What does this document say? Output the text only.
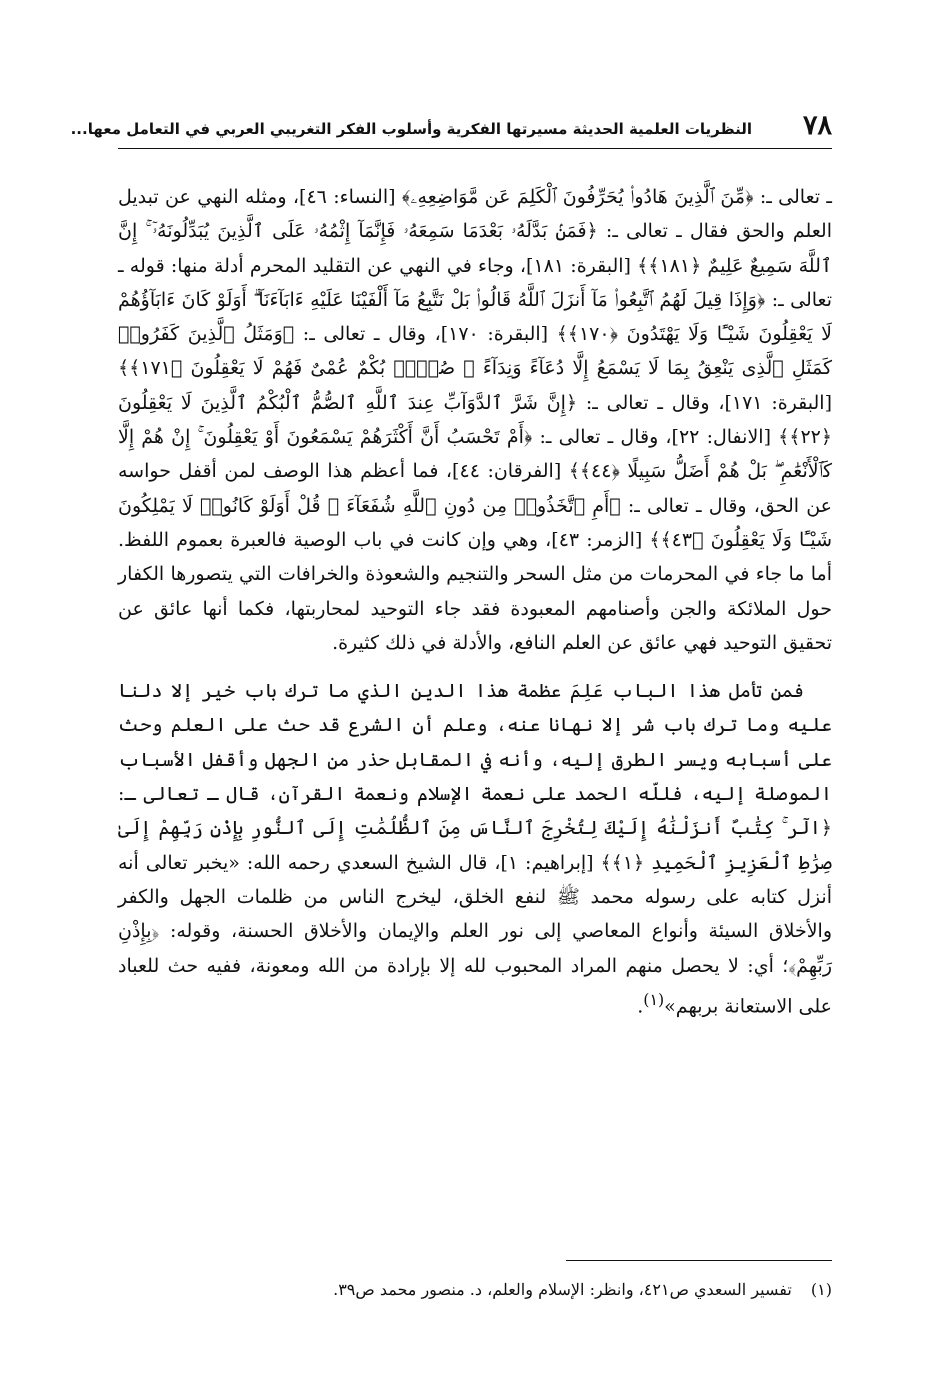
٧٨
النظريات العلمية الحديثة مسيرتها الفكرية وأسلوب الفكر التغريبي العربي في التعامل معها...

ـ تعالى ـ: ﴿مِّنَ ٱلَّذِينَ هَادُوا۟ يُحَرِّفُونَ ٱلْكَلِمَ عَن مَّوَاضِعِهِۦ﴾ [النساء: ٤٦]، ومثله النهي عن تبديل العلم والحق فقال ـ تعالى ـ: ﴿فَمَنۢ بَدَّلَهُۥ بَعْدَمَا سَمِعَهُۥ فَإِنَّمَآ إِثْمُهُۥ عَلَى ٱلَّذِينَ يُبَدِّلُونَهُۥٓ ۚ إِنَّ ٱللَّهَ سَمِيعٌ عَلِيمٌ ﴿١٨١﴾﴾ [البقرة: ١٨١]، وجاء في النهي عن التقليد المحرم أدلة منها: قوله ـ تعالى ـ: ﴿وَإِذَا قِيلَ لَهُمُ ٱتَّبِعُوا۟ مَآ أَنزَلَ ٱللَّهُ قَالُوا۟ بَلْ نَتَّبِعُ مَآ أَلْفَيْنَا عَلَيْهِ ءَابَآءَنَآ ۗ أَوَلَوْ كَانَ ءَابَآؤُهُمْ لَا يَعْقِلُونَ شَيْـًٔا وَلَا يَهْتَدُونَ ﴿١٧٠﴾﴾ [البقرة: ١٧٠]، وقال ـ تعالى ـ: ﴿وَمَثَلُ ٱلَّذِينَ كَفَرُوا۟ كَمَثَلِ ٱلَّذِى يَنْعِقُ بِمَا لَا يَسْمَعُ إِلَّا دُعَآءً وَنِدَآءً ۚ صُمٌّۢ بُكْمٌ عُمْىٌ فَهُمْ لَا يَعْقِلُونَ ﴿١٧١﴾﴾ [البقرة: ١٧١]، وقال ـ تعالى ـ: ﴿إِنَّ شَرَّ ٱلدَّوَآبِّ عِندَ ٱللَّهِ ٱلصُّمُّ ٱلْبُكْمُ ٱلَّذِينَ لَا يَعْقِلُونَ ﴿٢٢﴾﴾ [الانفال: ٢٢]، وقال ـ تعالى ـ: ﴿أَمْ تَحْسَبُ أَنَّ أَكْثَرَهُمْ يَسْمَعُونَ أَوْ يَعْقِلُونَ ۚ إِنْ هُمْ إِلَّا كَٱلْأَنْعَٰمِ ۖ بَلْ هُمْ أَضَلُّ سَبِيلًا ﴿٤٤﴾﴾ [الفرقان: ٤٤]، فما أعظم هذا الوصف لمن أقفل حواسه عن الحق، وقال ـ تعالى ـ: ﴿أَمِ ٱتَّخَذُوا۟ مِن دُونِ ٱللَّهِ شُفَعَآءَ ۚ قُلْ أَوَلَوْ كَانُوا۟ لَا يَمْلِكُونَ شَيْـًٔا وَلَا يَعْقِلُونَ ﴿٤٣﴾﴾ [الزمر: ٤٣]، وهي وإن كانت في باب الوصية فالعبرة بعموم اللفظ. أما ما جاء في المحرمات من مثل السحر والتنجيم والشعوذة والخرافات التي يتصورها الكفار حول الملائكة والجن وأصنامهم المعبودة فقد جاء التوحيد لمحاربتها، فكما أنها عائق عن تحقيق التوحيد فهي عائق عن العلم النافع، والأدلة في ذلك كثيرة.

فمن تأمل هذا الباب عَلِمَ عظمة هذا الدين الذي ما ترك باب خير إلا دلنا عليه وما ترك باب شر إلا نهانا عنه، وعلم أن الشرع قد حث على العلم وحث على أسبابه ويسر الطرق إليه، وأنه في المقابل حذر من الجهل وأقفل الأسباب الموصلة إليه، فللّه الحمد على نعمة الإسلام ونعمة القرآن، قال ـ تعالى ـ: ﴿الٓر ۚ كِتَٰبٌ أَنزَلْنَٰهُ إِلَيْكَ لِتُخْرِجَ ٱلنَّاسَ مِنَ ٱلظُّلُمَٰتِ إِلَى ٱلنُّورِ بِإِذْنِ رَبِّهِمْ إِلَىٰ صِرَٰطِ ٱلْعَزِيزِ ٱلْحَمِيدِ ﴿١﴾﴾ [إبراهيم: ١]، قال الشيخ السعدي رحمه الله: «يخبر تعالى أنه أنزل كتابه على رسوله محمد ﷺ لنفع الخلق، ليخرج الناس من ظلمات الجهل والكفر والأخلاق السيئة وأنواع المعاصي إلى نور العلم والإيمان والأخلاق الحسنة، وقوله: ﴿بِإِذْنِ رَبِّهِمْ﴾؛ أي: لا يحصل منهم المراد المحبوب لله إلا بإرادة من الله ومعونة، ففيه حث للعباد على الاستعانة بربهم»$^{(١)}$.

(١) تفسير السعدي ص٤٢١، وانظر: الإسلام والعلم، د. منصور محمد ص٣٩.
